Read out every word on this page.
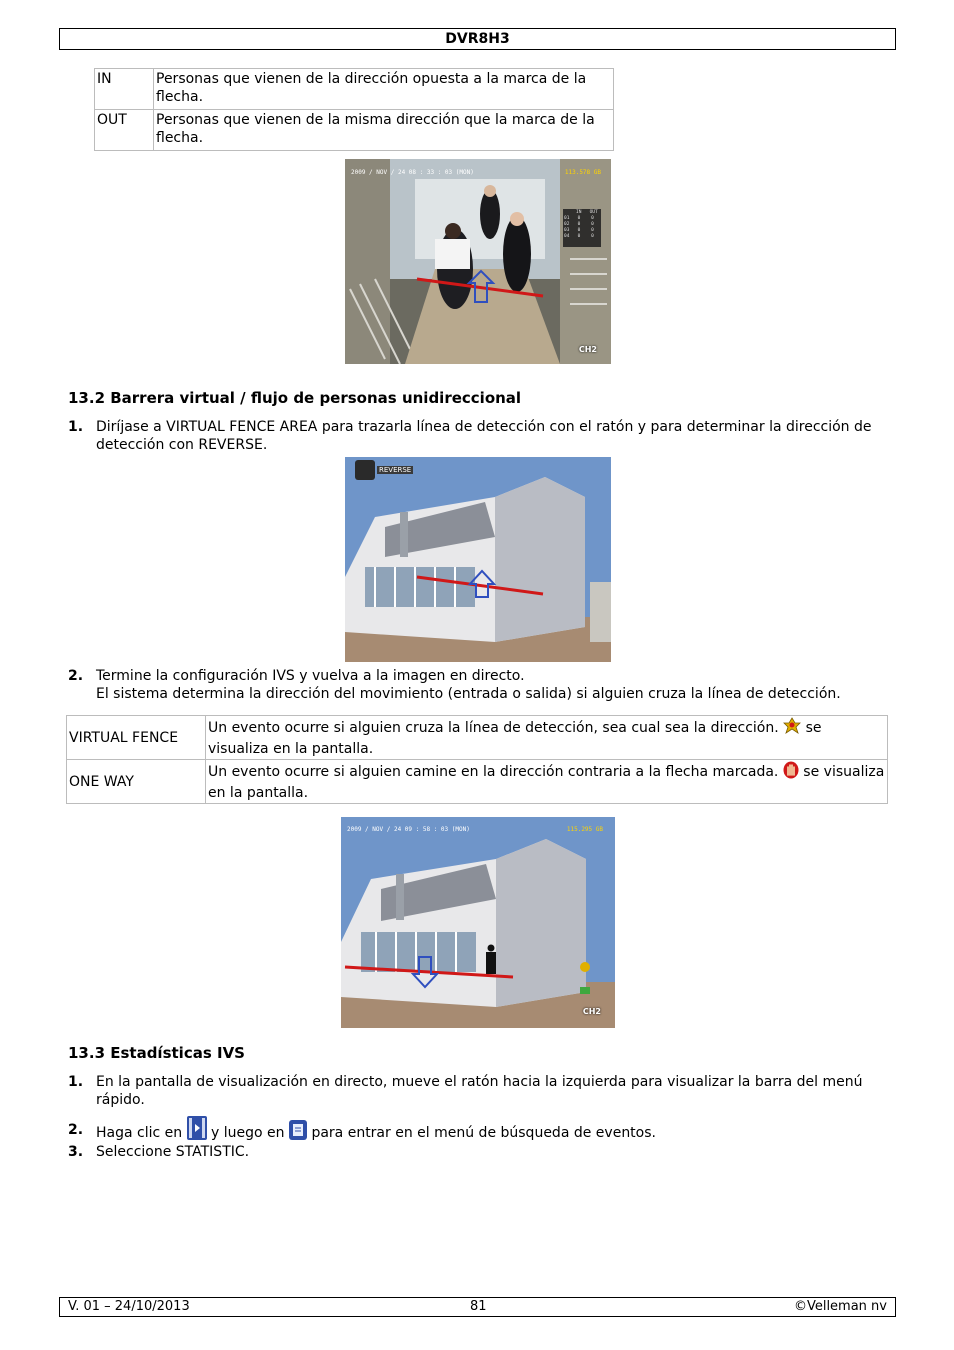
DVR8H3
IN	Personas que vienen de la dirección opuesta a la marca de la flecha.
OUT	Personas que vienen de la misma dirección que la marca de la flecha.
2009 / NOV / 24 08 : 33 : 03 (MON)	113.578 GB
IN OUT
01 0 0
02 0 0
03 0 0
04 0 0
CH2
13.2 Barrera virtual / flujo de personas unidireccional
1. Diríjase a VIRTUAL FENCE AREA para trazarla línea de detección con el ratón y para determinar la dirección de detección con REVERSE.
REVERSE
2. Termine la configuración IVS y vuelva a la imagen en directo.
El sistema determina la dirección del movimiento (entrada o salida) si alguien cruza la línea de detección.
VIRTUAL FENCE	Un evento ocurre si alguien cruza la línea de detección, sea cual sea la dirección. se visualiza en la pantalla.
ONE WAY	Un evento ocurre si alguien camine en la dirección contraria a la flecha marcada. se visualiza en la pantalla.
2009 / NOV / 24 09 : 58 : 03 (MON)	115.295 GB
CH2
13.3 Estadísticas IVS
1. En la pantalla de visualización en directo, mueve el ratón hacia la izquierda para visualizar la barra del menú rápido.
2. Haga clic en y luego en para entrar en el menú de búsqueda de eventos.
3. Seleccione STATISTIC.
V. 01 – 24/10/2013	81	©Velleman nv
